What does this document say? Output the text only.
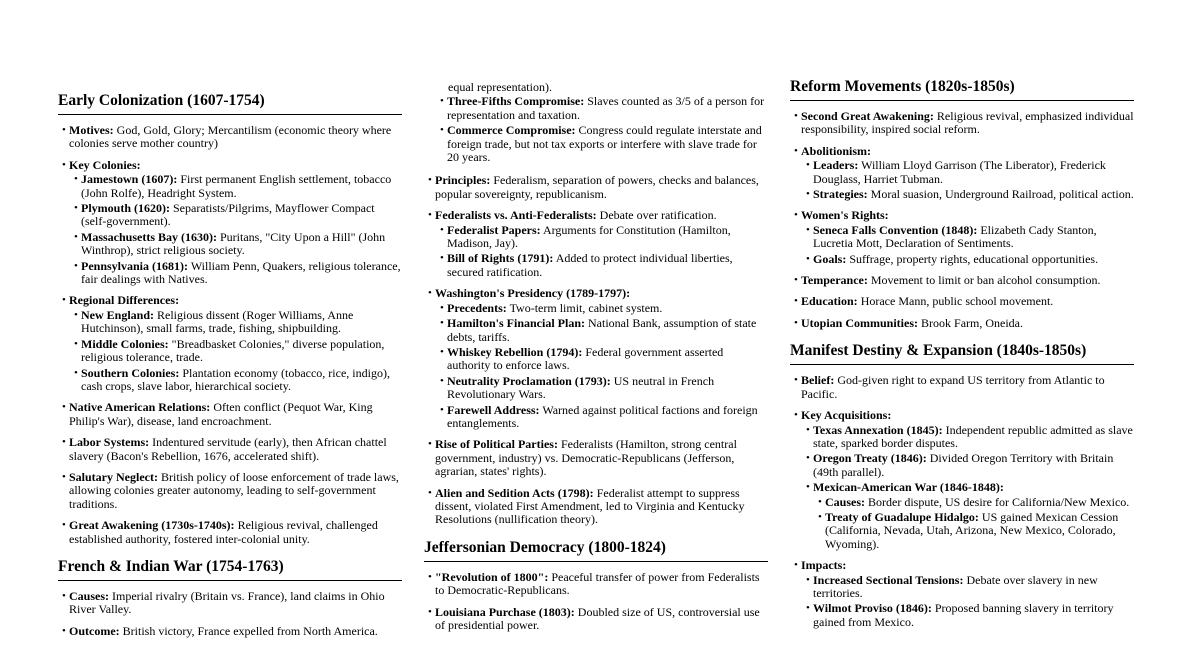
Early Colonization (1607-1754)
• Motives: God, Gold, Glory; Mercantilism (economic theory where colonies serve mother country)
• Key Colonies:
• Jamestown (1607): First permanent English settlement, tobacco (John Rolfe), Headright System.
• Plymouth (1620): Separatists/Pilgrims, Mayflower Compact (self-government).
• Massachusetts Bay (1630): Puritans, "City Upon a Hill" (John Winthrop), strict religious society.
• Pennsylvania (1681): William Penn, Quakers, religious tolerance, fair dealings with Natives.
• Regional Differences:
• New England: Religious dissent (Roger Williams, Anne Hutchinson), small farms, trade, fishing, shipbuilding.
• Middle Colonies: "Breadbasket Colonies," diverse population, religious tolerance, trade.
• Southern Colonies: Plantation economy (tobacco, rice, indigo), cash crops, slave labor, hierarchical society.
• Native American Relations: Often conflict (Pequot War, King Philip's War), disease, land encroachment.
• Labor Systems: Indentured servitude (early), then African chattel slavery (Bacon's Rebellion, 1676, accelerated shift).
• Salutary Neglect: British policy of loose enforcement of trade laws, allowing colonies greater autonomy, leading to self-government traditions.
• Great Awakening (1730s-1740s): Religious revival, challenged established authority, fostered inter-colonial unity.
French & Indian War (1754-1763)
• Causes: Imperial rivalry (Britain vs. France), land claims in Ohio River Valley.
• Outcome: British victory, France expelled from North America.
equal representation).
• Three-Fifths Compromise: Slaves counted as 3/5 of a person for representation and taxation.
• Commerce Compromise: Congress could regulate interstate and foreign trade, but not tax exports or interfere with slave trade for 20 years.
• Principles: Federalism, separation of powers, checks and balances, popular sovereignty, republicanism.
• Federalists vs. Anti-Federalists: Debate over ratification.
• Federalist Papers: Arguments for Constitution (Hamilton, Madison, Jay).
• Bill of Rights (1791): Added to protect individual liberties, secured ratification.
• Washington's Presidency (1789-1797):
• Precedents: Two-term limit, cabinet system.
• Hamilton's Financial Plan: National Bank, assumption of state debts, tariffs.
• Whiskey Rebellion (1794): Federal government asserted authority to enforce laws.
• Neutrality Proclamation (1793): US neutral in French Revolutionary Wars.
• Farewell Address: Warned against political factions and foreign entanglements.
• Rise of Political Parties: Federalists (Hamilton, strong central government, industry) vs. Democratic-Republicans (Jefferson, agrarian, states' rights).
• Alien and Sedition Acts (1798): Federalist attempt to suppress dissent, violated First Amendment, led to Virginia and Kentucky Resolutions (nullification theory).
Jeffersonian Democracy (1800-1824)
• "Revolution of 1800": Peaceful transfer of power from Federalists to Democratic-Republicans.
• Louisiana Purchase (1803): Doubled size of US, controversial use of presidential power.
Reform Movements (1820s-1850s)
• Second Great Awakening: Religious revival, emphasized individual responsibility, inspired social reform.
• Abolitionism:
• Leaders: William Lloyd Garrison (The Liberator), Frederick Douglass, Harriet Tubman.
• Strategies: Moral suasion, Underground Railroad, political action.
• Women's Rights:
• Seneca Falls Convention (1848): Elizabeth Cady Stanton, Lucretia Mott, Declaration of Sentiments.
• Goals: Suffrage, property rights, educational opportunities.
• Temperance: Movement to limit or ban alcohol consumption.
• Education: Horace Mann, public school movement.
• Utopian Communities: Brook Farm, Oneida.
Manifest Destiny & Expansion (1840s-1850s)
• Belief: God-given right to expand US territory from Atlantic to Pacific.
• Key Acquisitions:
• Texas Annexation (1845): Independent republic admitted as slave state, sparked border disputes.
• Oregon Treaty (1846): Divided Oregon Territory with Britain (49th parallel).
• Mexican-American War (1846-1848):
• Causes: Border dispute, US desire for California/New Mexico.
• Treaty of Guadalupe Hidalgo: US gained Mexican Cession (California, Nevada, Utah, Arizona, New Mexico, Colorado, Wyoming).
• Impacts:
• Increased Sectional Tensions: Debate over slavery in new territories.
• Wilmot Proviso (1846): Proposed banning slavery in territory gained from Mexico.
